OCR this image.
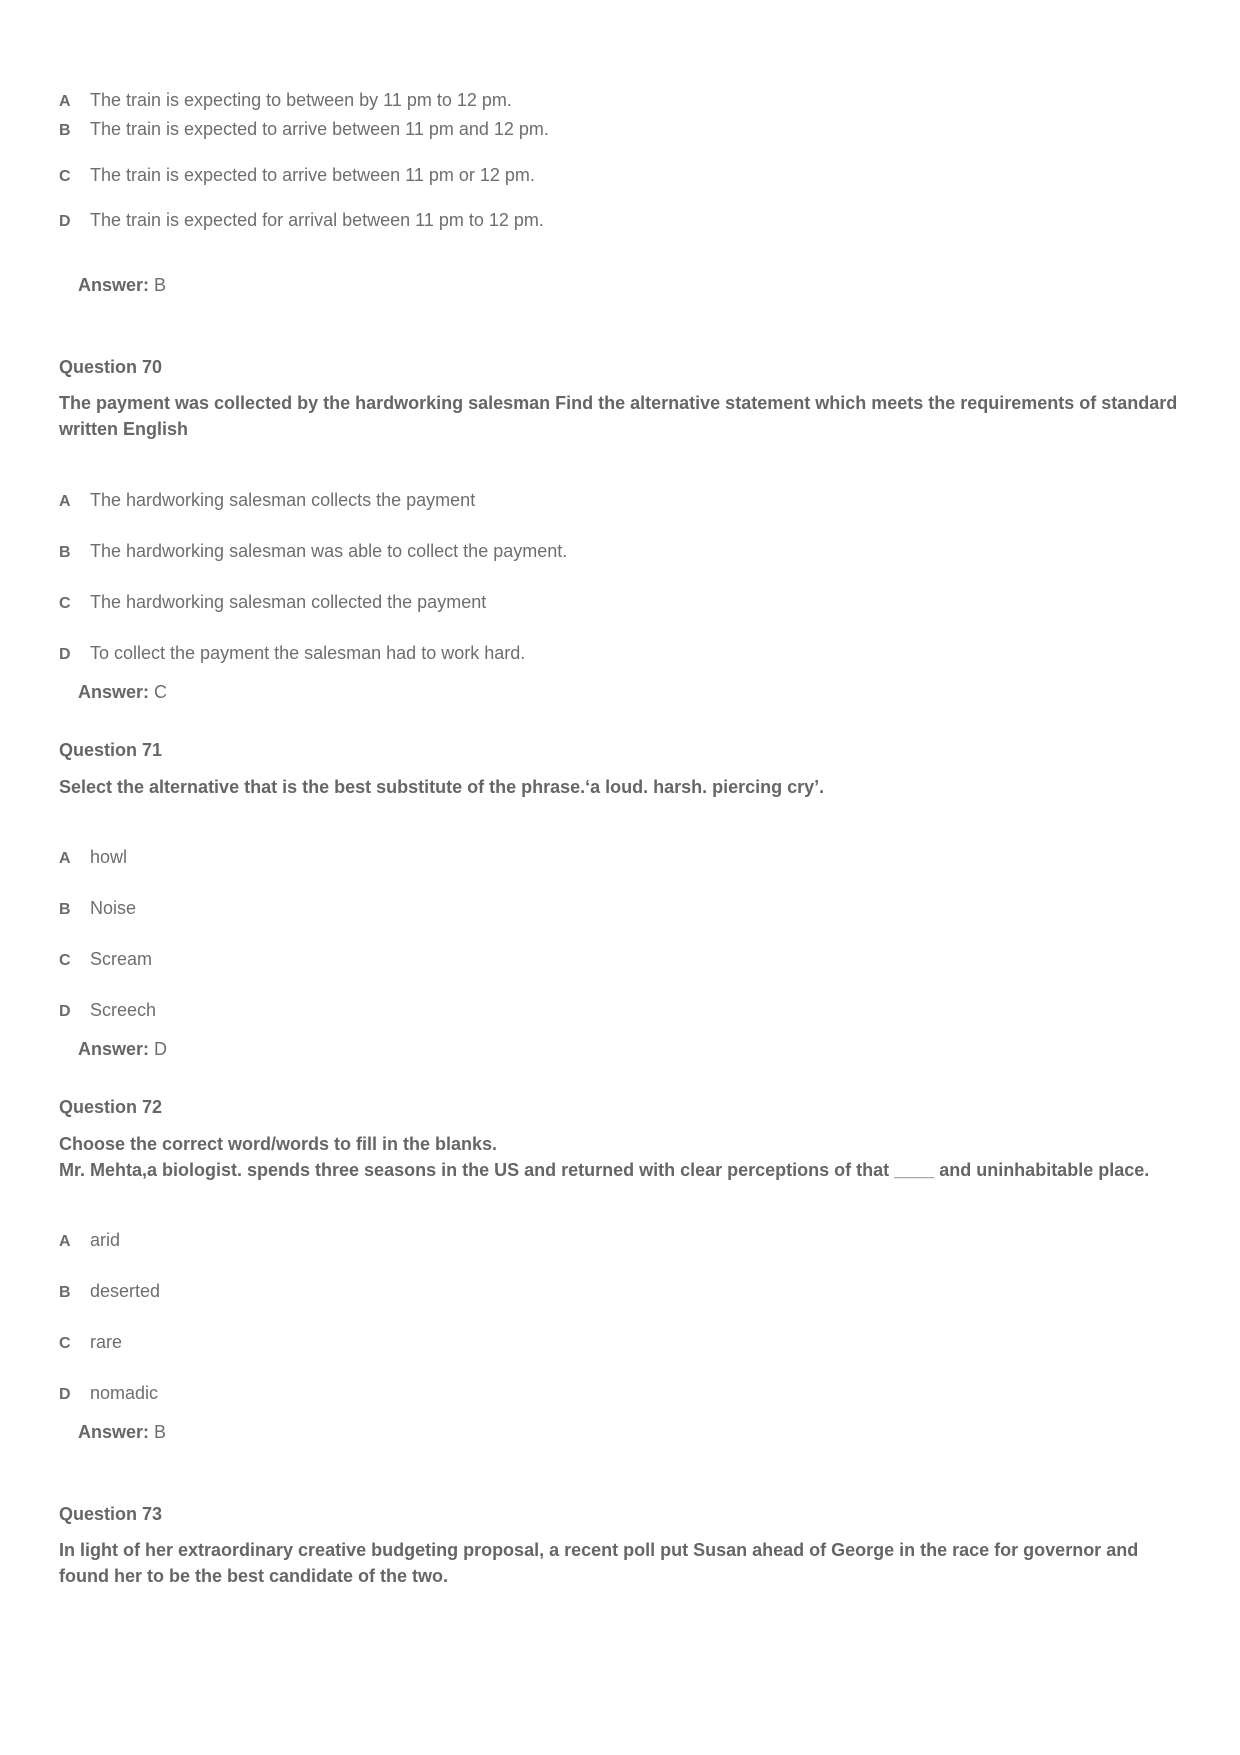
A The train is expecting to between by 11 pm to 12 pm.
B The train is expected to arrive between 11 pm and 12 pm.
C The train is expected to arrive between 11 pm or 12 pm.
D The train is expected for arrival between 11 pm to 12 pm.
Answer: B
Question 70
The payment was collected by the hardworking salesman Find the alternative statement which meets the requirements of standard written English
A The hardworking salesman collects the payment
B The hardworking salesman was able to collect the payment.
C The hardworking salesman collected the payment
D To collect the payment the salesman had to work hard.
Answer: C
Question 71
Select the alternative that is the best substitute of the phrase.‘a loud. harsh. piercing cry’.
A howl
B Noise
C Scream
D Screech
Answer: D
Question 72
Choose the correct word/words to fill in the blanks.
Mr. Mehta,a biologist. spends three seasons in the US and returned with clear perceptions of that ____ and uninhabitable place.
A arid
B deserted
C rare
D nomadic
Answer: B
Question 73
In light of her extraordinary creative budgeting proposal, a recent poll put Susan ahead of George in the race for governor and found her to be the best candidate of the two.
